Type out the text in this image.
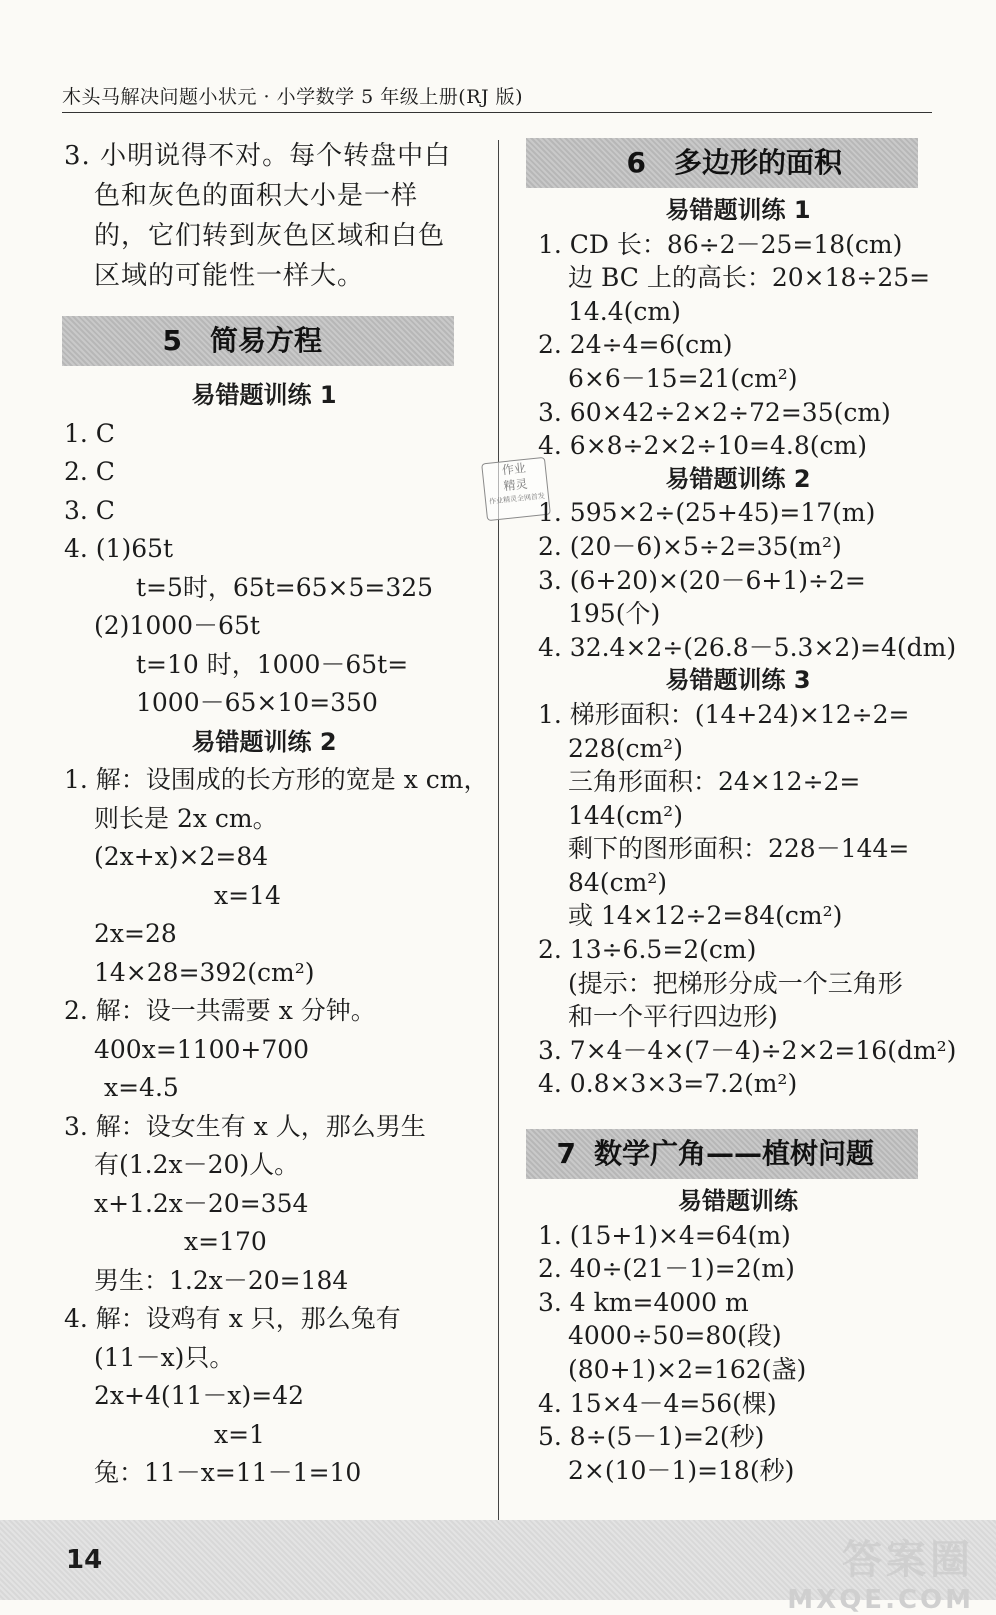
木头马解决问题小状元 · 小学数学 5 年级上册(RJ 版)
3. 小明说得不对。每个转盘中白
色和灰色的面积大小是一样
的，它们转到灰色区域和白色
区域的可能性一样大。
5	简易方程
易错题训练 1
1. C
2. C
3. C
4. (1)65t
t=5时，65t=65×5=325
(2)1000－65t
t=10 时，1000－65t=
1000－65×10=350
易错题训练 2
1. 解：设围成的长方形的宽是 x cm，
则长是 2x cm。
(2x+x)×2=84
x=14
2x=28
14×28=392(cm²)
2. 解：设一共需要 x 分钟。
400x=1100+700
x=4.5
3. 解：设女生有 x 人，那么男生
有(1.2x－20)人。
x+1.2x－20=354
x=170
男生：1.2x－20=184
4. 解：设鸡有 x 只，那么兔有
(11－x)只。
2x+4(11－x)=42
x=1
兔：11－x=11－1=10
作业
精灵
作业精灵全网首发
6	多边形的面积
易错题训练 1
1. CD 长：86÷2－25=18(cm)
边 BC 上的高长：20×18÷25=
14.4(cm)
2. 24÷4=6(cm)
6×6－15=21(cm²)
3. 60×42÷2×2÷72=35(cm)
4. 6×8÷2×2÷10=4.8(cm)
易错题训练 2
1. 595×2÷(25+45)=17(m)
2. (20－6)×5÷2=35(m²)
3. (6+20)×(20－6+1)÷2=
195(个)
4. 32.4×2÷(26.8－5.3×2)=4(dm)
易错题训练 3
1. 梯形面积：(14+24)×12÷2=
228(cm²)
三角形面积：24×12÷2=
144(cm²)
剩下的图形面积：228－144=
84(cm²)
或 14×12÷2=84(cm²)
2. 13÷6.5=2(cm)
(提示：把梯形分成一个三角形
和一个平行四边形)
3. 7×4－4×(7－4)÷2×2=16(dm²)
4. 0.8×3×3=7.2(m²)
7 数学广角——植树问题
易错题训练
1. (15+1)×4=64(m)
2. 40÷(21－1)=2(m)
3. 4 km=4000 m
4000÷50=80(段)
(80+1)×2=162(盏)
4. 15×4－4=56(棵)
5. 8÷(5－1)=2(秒)
2×(10－1)=18(秒)
14	答案圈
MXQE.COM
